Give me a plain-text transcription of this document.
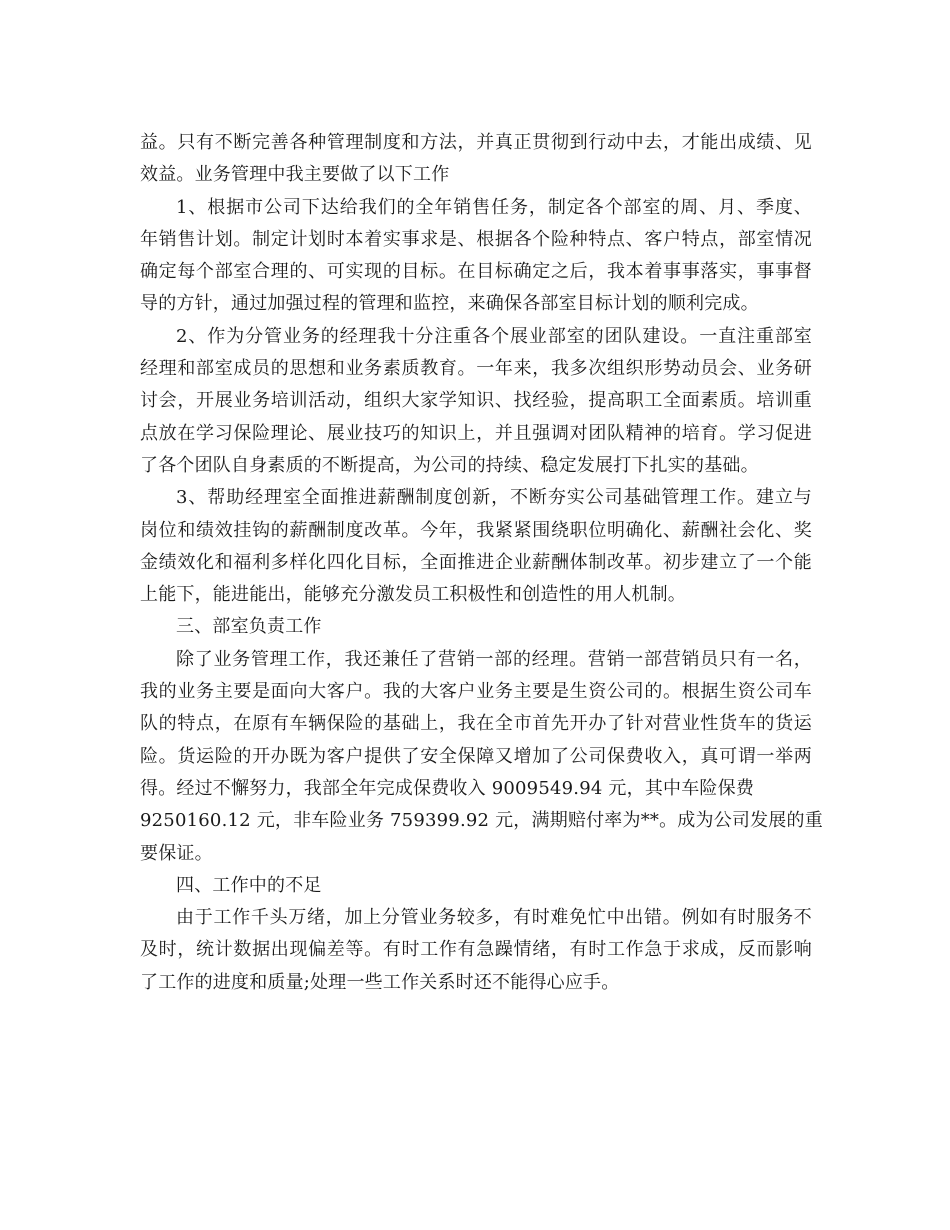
益。只有不断完善各种管理制度和方法，并真正贯彻到行动中去，才能出成绩、见
效益。业务管理中我主要做了以下工作
1、根据市公司下达给我们的全年销售任务，制定各个部室的周、月、季度、
年销售计划。制定计划时本着实事求是、根据各个险种特点、客户特点，部室情况
确定每个部室合理的、可实现的目标。在目标确定之后，我本着事事落实，事事督
导的方针，通过加强过程的管理和监控，来确保各部室目标计划的顺利完成。
2、作为分管业务的经理我十分注重各个展业部室的团队建设。一直注重部室
经理和部室成员的思想和业务素质教育。一年来，我多次组织形势动员会、业务研
讨会，开展业务培训活动，组织大家学知识、找经验，提高职工全面素质。培训重
点放在学习保险理论、展业技巧的知识上，并且强调对团队精神的培育。学习促进
了各个团队自身素质的不断提高，为公司的持续、稳定发展打下扎实的基础。
3、帮助经理室全面推进薪酬制度创新，不断夯实公司基础管理工作。建立与
岗位和绩效挂钩的薪酬制度改革。今年，我紧紧围绕职位明确化、薪酬社会化、奖
金绩效化和福利多样化四化目标，全面推进企业薪酬体制改革。初步建立了一个能
上能下，能进能出，能够充分激发员工积极性和创造性的用人机制。
三、部室负责工作
除了业务管理工作，我还兼任了营销一部的经理。营销一部营销员只有一名，
我的业务主要是面向大客户。我的大客户业务主要是生资公司的。根据生资公司车
队的特点，在原有车辆保险的基础上，我在全市首先开办了针对营业性货车的货运
险。货运险的开办既为客户提供了安全保障又增加了公司保费收入，真可谓一举两
得。经过不懈努力，我部全年完成保费收入 9009549.94 元，其中车险保费
9250160.12 元，非车险业务 759399.92 元，满期赔付率为**。成为公司发展的重
要保证。
四、工作中的不足
由于工作千头万绪，加上分管业务较多，有时难免忙中出错。例如有时服务不
及时，统计数据出现偏差等。有时工作有急躁情绪，有时工作急于求成，反而影响
了工作的进度和质量;处理一些工作关系时还不能得心应手。
